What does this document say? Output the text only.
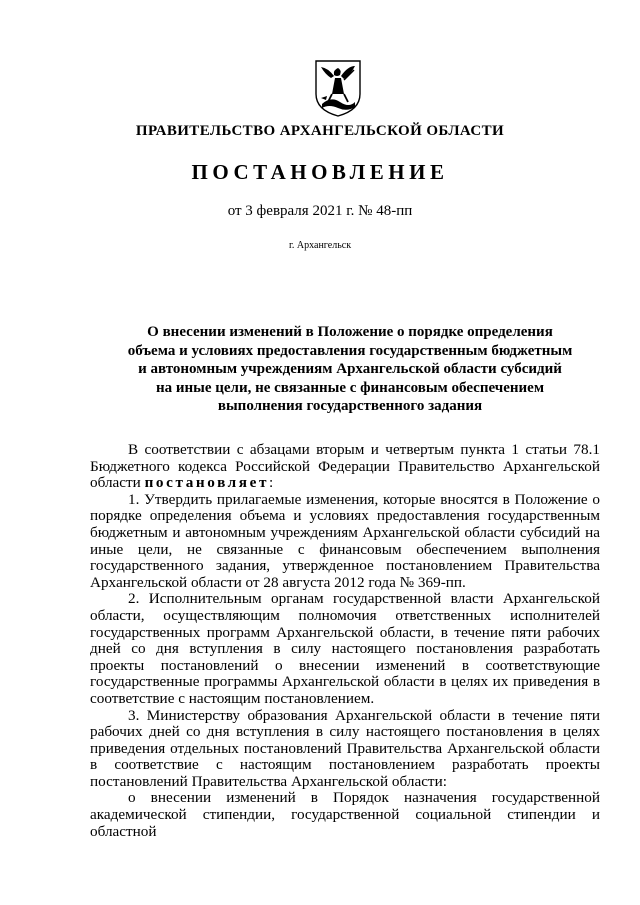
ПРАВИТЕЛЬСТВО АРХАНГЕЛЬСКОЙ ОБЛАСТИ
ПОСТАНОВЛЕНИЕ
от 3 февраля 2021 г. № 48-пп
г. Архангельск
О внесении изменений в Положение о порядке определения
объема и условиях предоставления государственным бюджетным
и автономным учреждениям Архангельской области субсидий
на иные цели, не связанные с финансовым обеспечением
выполнения государственного задания

В соответствии с абзацами вторым и четвертым пункта 1 статьи 78.1 Бюджетного кодекса Российской Федерации Правительство Архангельской области постановляет:

1. Утвердить прилагаемые изменения, которые вносятся в Положение о порядке определения объема и условиях предоставления государственным бюджетным и автономным учреждениям Архангельской области субсидий на иные цели, не связанные с финансовым обеспечением выполнения государственного задания, утвержденное постановлением Правительства Архангельской области от 28 августа 2012 года № 369-пп.

2. Исполнительным органам государственной власти Архангельской области, осуществляющим полномочия ответственных исполнителей государственных программ Архангельской области, в течение пяти рабочих дней со дня вступления в силу настоящего постановления разработать проекты постановлений о внесении изменений в соответствующие государственные программы Архангельской области в целях их приведения в соответствие с настоящим постановлением.

3. Министерству образования Архангельской области в течение пяти рабочих дней со дня вступления в силу настоящего постановления в целях приведения отдельных постановлений Правительства Архангельской области в соответствие с настоящим постановлением разработать проекты постановлений Правительства Архангельской области:

о внесении изменений в Порядок назначения государственной академической стипендии, государственной социальной стипендии и областной
